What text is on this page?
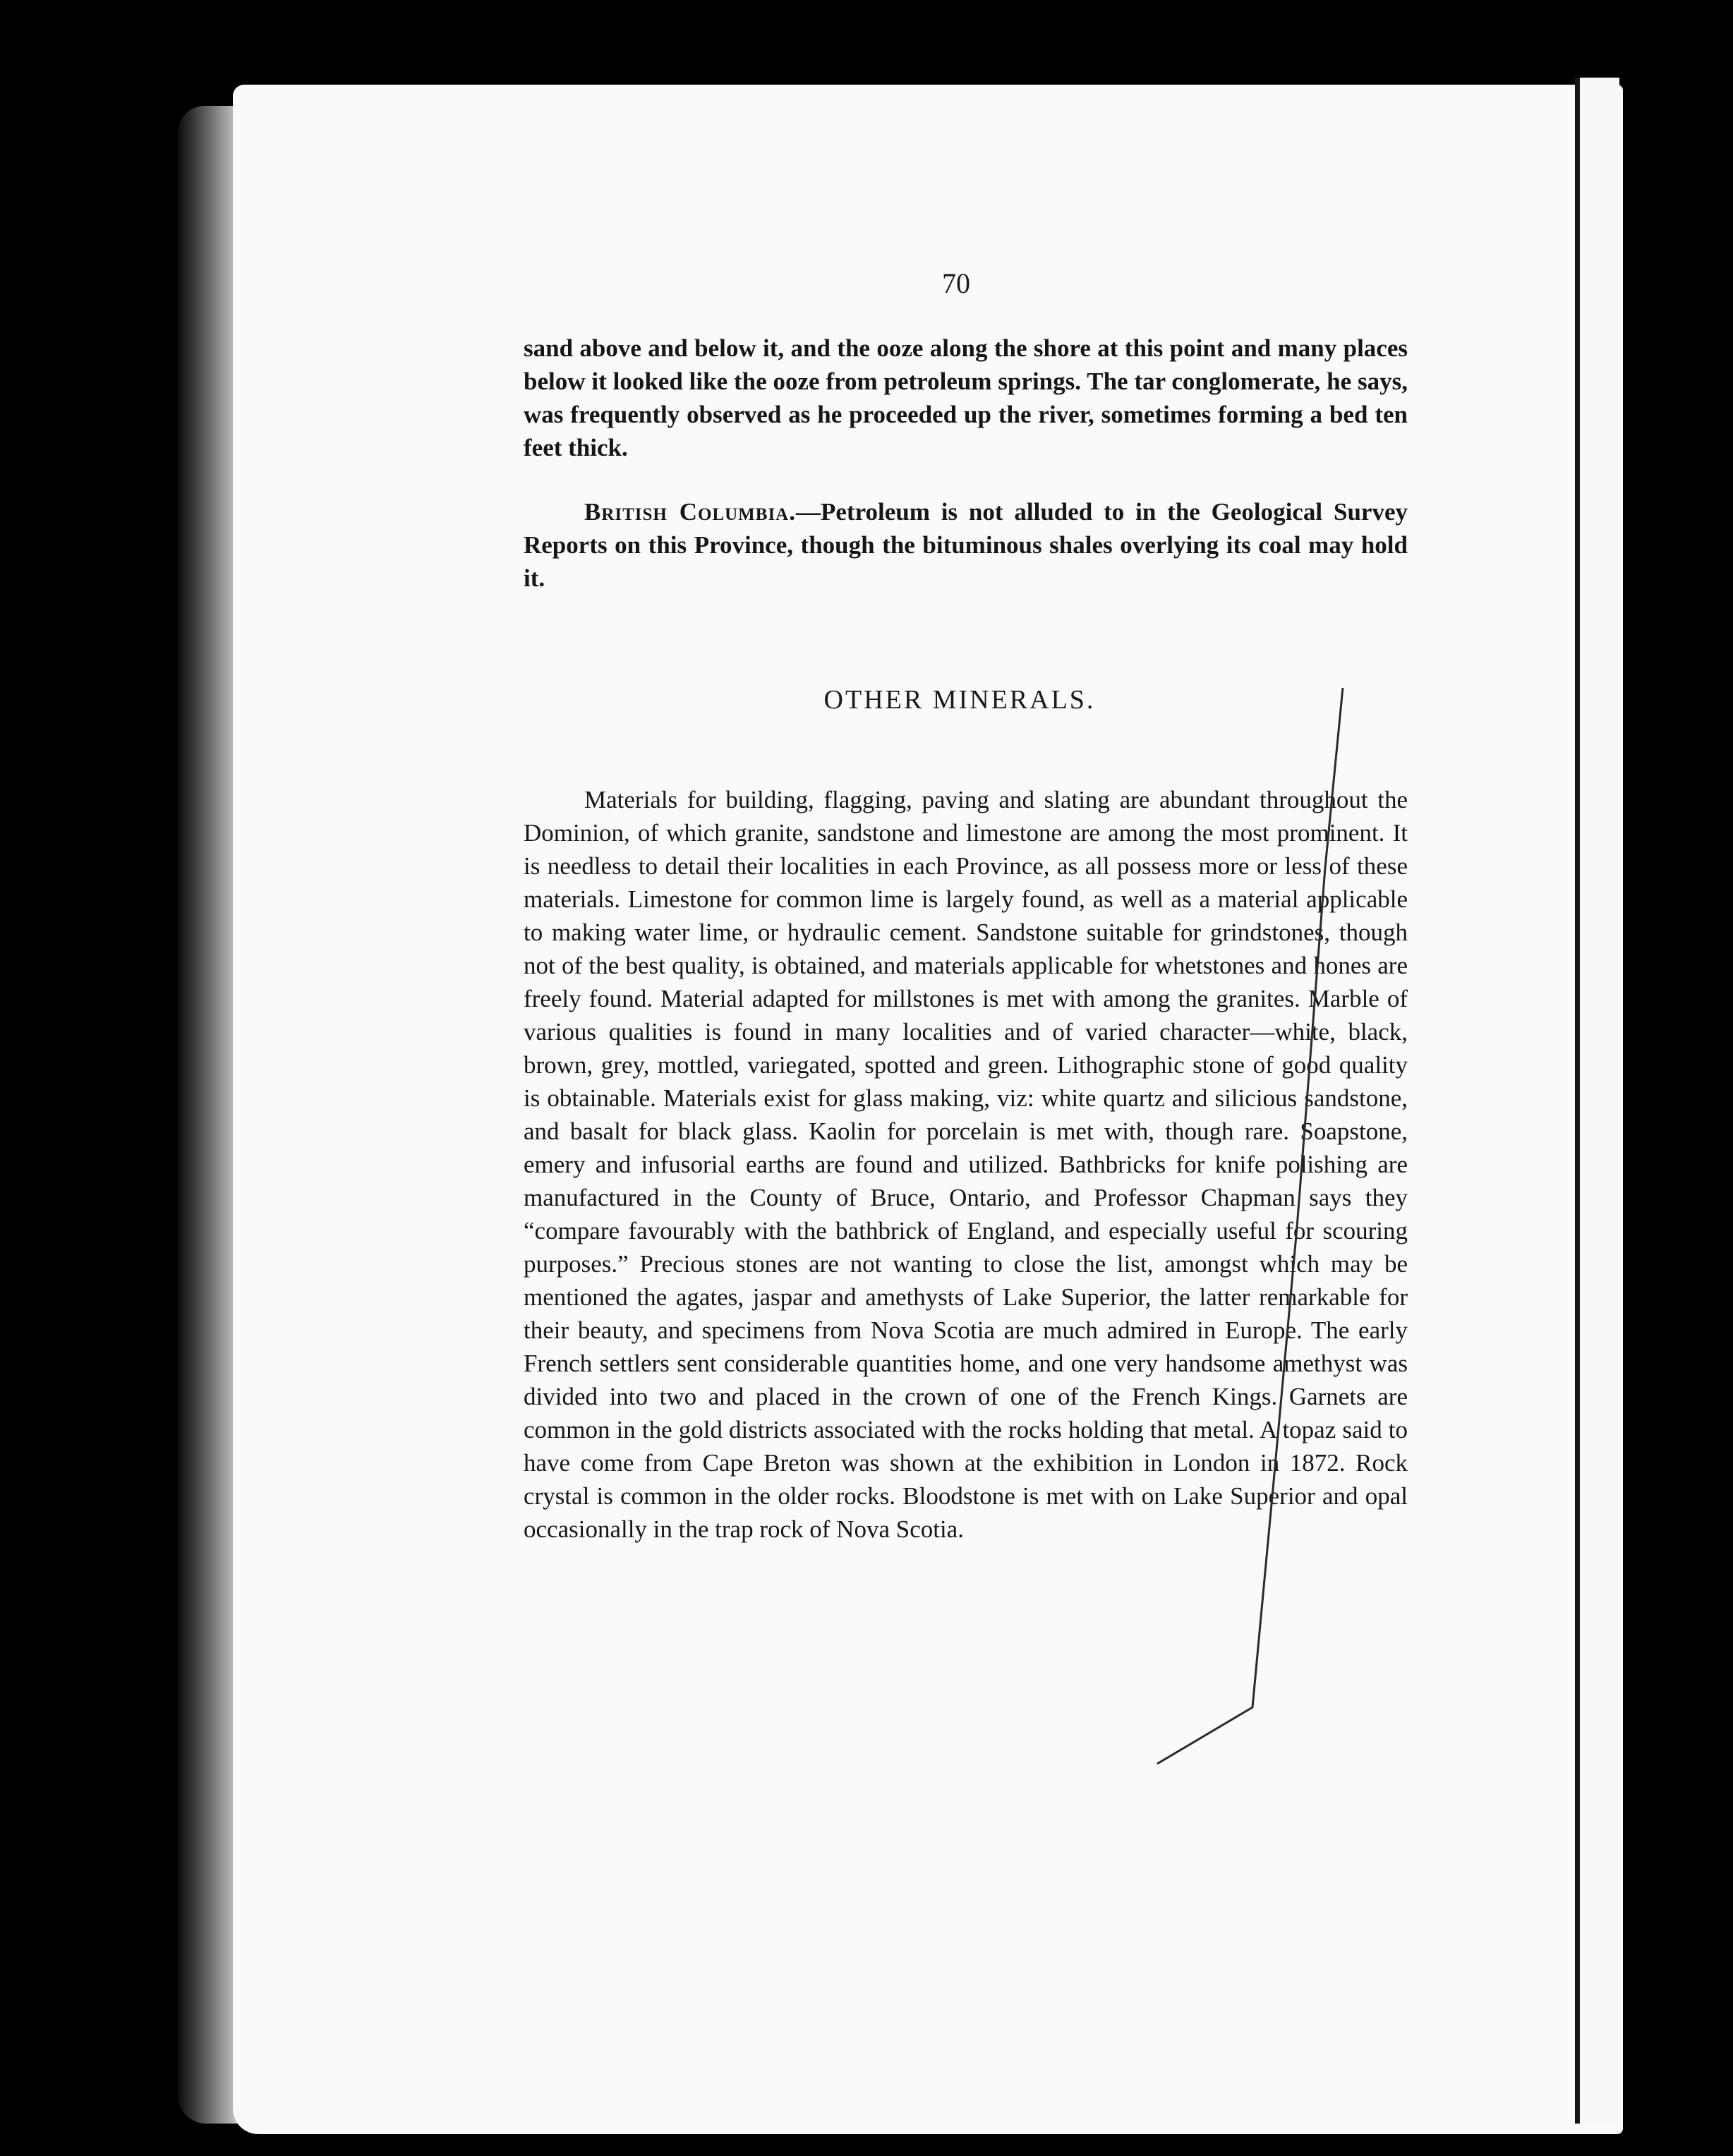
70

sand above and below it, and the ooze along the shore at this point and many places below it looked like the ooze from petroleum springs. The tar conglomerate, he says, was frequently observed as he proceeded up the river, sometimes forming a bed ten feet thick.

British Columbia.—Petroleum is not alluded to in the Geological Survey Reports on this Province, though the bituminous shales overlying its coal may hold it.

OTHER MINERALS.

Materials for building, flagging, paving and slating are abundant throughout the Dominion, of which granite, sandstone and limestone are among the most prominent. It is needless to detail their localities in each Province, as all possess more or less of these materials. Limestone for common lime is largely found, as well as a material applicable to making water lime, or hydraulic cement. Sandstone suitable for grindstones, though not of the best quality, is obtained, and materials applicable for whetstones and hones are freely found. Material adapted for millstones is met with among the granites. Marble of various qualities is found in many localities and of varied character—white, black, brown, grey, mottled, variegated, spotted and green. Lithographic stone of good quality is obtainable. Materials exist for glass making, viz: white quartz and silicious sandstone, and basalt for black glass. Kaolin for porcelain is met with, though rare. Soapstone, emery and infusorial earths are found and utilized. Bathbricks for knife polishing are manufactured in the County of Bruce, Ontario, and Professor Chapman says they “compare favourably with the bathbrick of England, and especially useful for scouring purposes.” Precious stones are not wanting to close the list, amongst which may be mentioned the agates, jaspar and amethysts of Lake Superior, the latter remarkable for their beauty, and specimens from Nova Scotia are much admired in Europe. The early French settlers sent considerable quantities home, and one very handsome amethyst was divided into two and placed in the crown of one of the French Kings. Garnets are common in the gold districts associated with the rocks holding that metal. A topaz said to have come from Cape Breton was shown at the exhibition in London in 1872. Rock crystal is common in the older rocks. Bloodstone is met with on Lake Superior and opal occasionally in the trap rock of Nova Scotia.
